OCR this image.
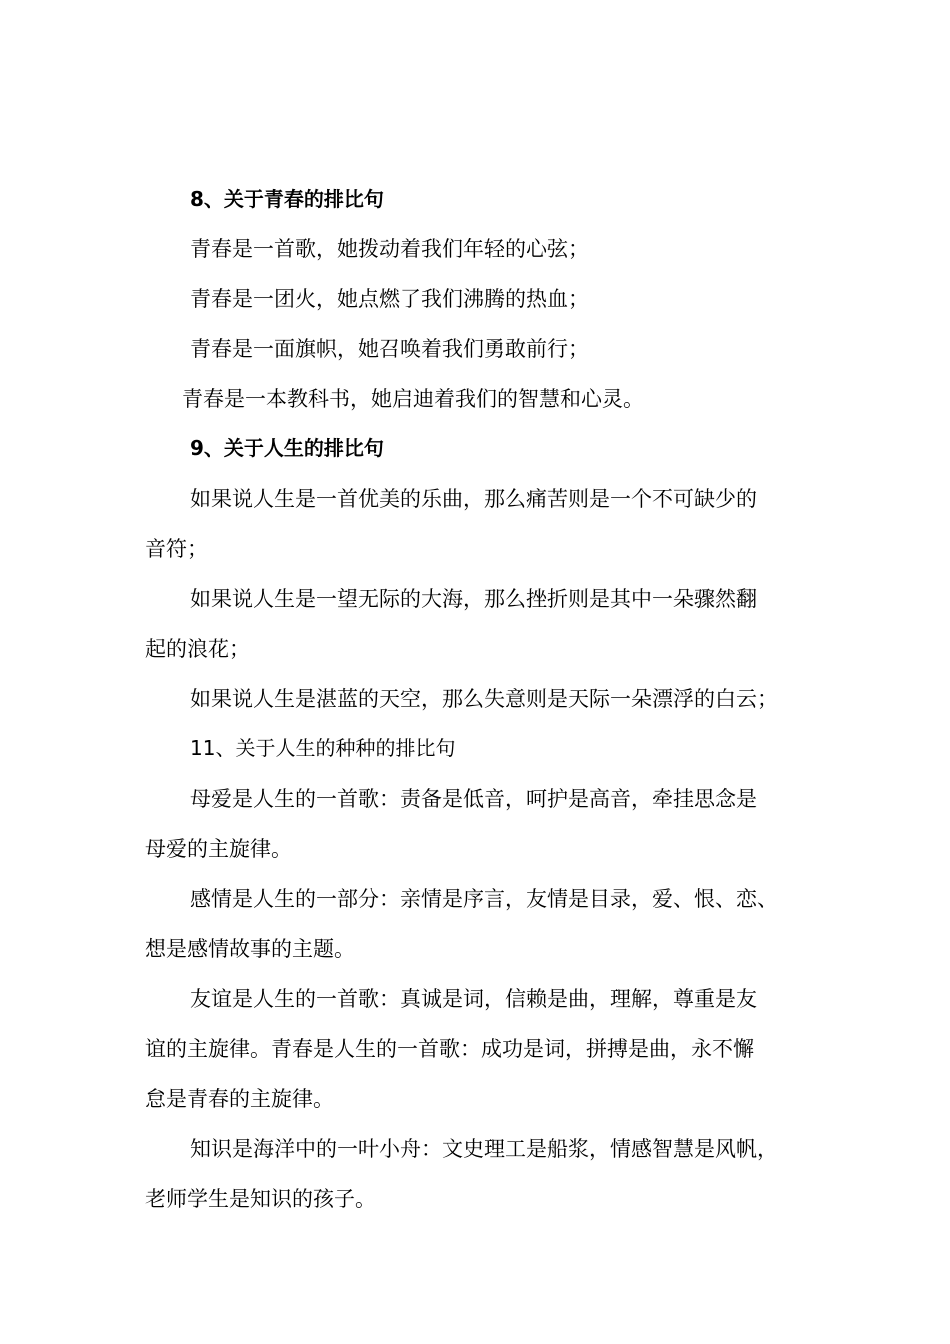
8、关于青春的排比句
青春是一首歌，她拨动着我们年轻的心弦；
青春是一团火，她点燃了我们沸腾的热血；
青春是一面旗帜，她召唤着我们勇敢前行；
青春是一本教科书，她启迪着我们的智慧和心灵。
9、关于人生的排比句
如果说人生是一首优美的乐曲，那么痛苦则是一个不可缺少的
音符；
如果说人生是一望无际的大海，那么挫折则是其中一朵骤然翻
起的浪花；
如果说人生是湛蓝的天空，那么失意则是天际一朵漂浮的白云；
11、关于人生的种种的排比句
母爱是人生的一首歌：责备是低音，呵护是高音，牵挂思念是
母爱的主旋律。
感情是人生的一部分：亲情是序言，友情是目录，爱、恨、恋、
想是感情故事的主题。
友谊是人生的一首歌：真诚是词，信赖是曲，理解，尊重是友
谊的主旋律。青春是人生的一首歌：成功是词，拼搏是曲，永不懈
怠是青春的主旋律。
知识是海洋中的一叶小舟：文史理工是船浆，情感智慧是风帆，
老师学生是知识的孩子。
